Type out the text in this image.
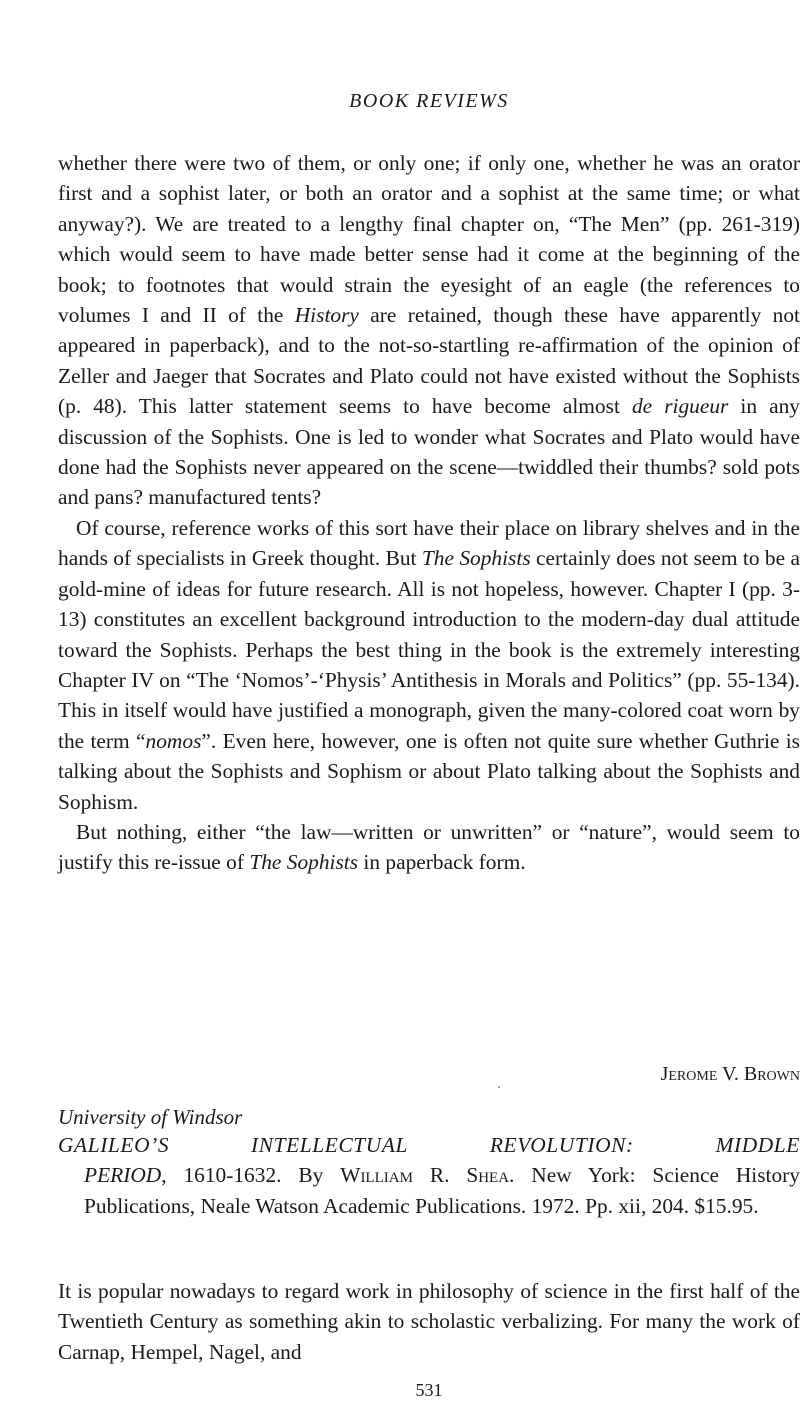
BOOK REVIEWS

whether there were two of them, or only one; if only one, whether he was an orator first and a sophist later, or both an orator and a sophist at the same time; or what anyway?). We are treated to a lengthy final chapter on, “The Men” (pp. 261-319) which would seem to have made better sense had it come at the beginning of the book; to footnotes that would strain the eyesight of an eagle (the references to volumes I and II of the History are retained, though these have apparently not appeared in paperback), and to the not-so-startling re-affirmation of the opinion of Zeller and Jaeger that Socrates and Plato could not have existed without the Sophists (p. 48). This latter statement seems to have become almost de rigueur in any discussion of the Sophists. One is led to wonder what Socrates and Plato would have done had the Sophists never appeared on the scene—twiddled their thumbs? sold pots and pans? manufactured tents?

Of course, reference works of this sort have their place on library shelves and in the hands of specialists in Greek thought. But The Sophists certainly does not seem to be a gold-mine of ideas for future research. All is not hopeless, however. Chapter I (pp. 3-13) constitutes an excellent background introduction to the modern-day dual attitude toward the Sophists. Perhaps the best thing in the book is the extremely interesting Chapter IV on “The ‘Nomos’-‘Physis’ Antithesis in Morals and Politics” (pp. 55-134). This in itself would have justified a monograph, given the many-colored coat worn by the term “nomos”. Even here, however, one is often not quite sure whether Guthrie is talking about the Sophists and Sophism or about Plato talking about the Sophists and Sophism.

But nothing, either “the law—written or unwritten” or “nature”, would seem to justify this re-issue of The Sophists in paperback form.

Jerome V. Brown
University of Windsor
GALILEO’S	INTELLECTUAL	REVOLUTION:	MIDDLE

PERIOD, 1610-1632. By William R. Shea. New York: Science History Publications, Neale Watson Academic Publications. 1972. Pp. xii, 204. $15.95.

It is popular nowadays to regard work in philosophy of science in the first half of the Twentieth Century as something akin to scholastic verbalizing. For many the work of Carnap, Hempel, Nagel, and

531
